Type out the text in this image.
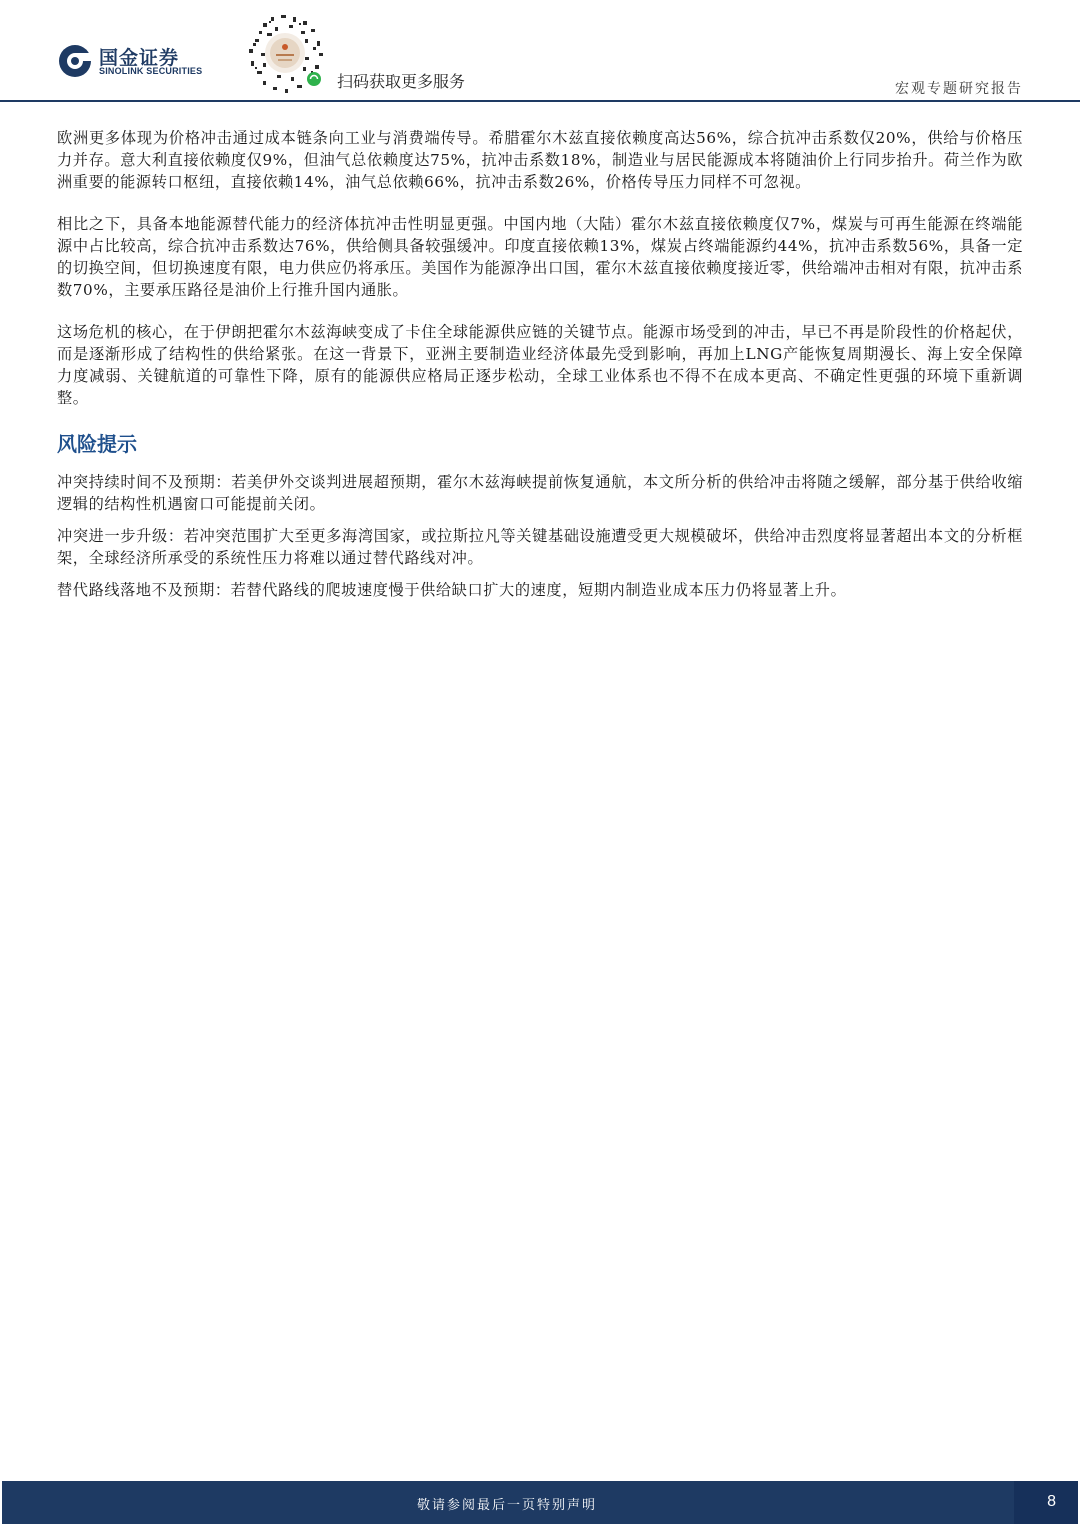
国金证券
SINOLINK SECURITIES
扫码获取更多服务	宏观专题研究报告

欧洲更多体现为价格冲击通过成本链条向工业与消费端传导。希腊霍尔木兹直接依赖度高达56%，综合抗冲击系数仅20%，供给与价格压力并存。意大利直接依赖度仅9%，但油气总依赖度达75%，抗冲击系数18%，制造业与居民能源成本将随油价上行同步抬升。荷兰作为欧洲重要的能源转口枢纽，直接依赖14%，油气总依赖66%，抗冲击系数26%，价格传导压力同样不可忽视。

相比之下，具备本地能源替代能力的经济体抗冲击性明显更强。中国内地（大陆）霍尔木兹直接依赖度仅7%，煤炭与可再生能源在终端能源中占比较高，综合抗冲击系数达76%，供给侧具备较强缓冲。印度直接依赖13%，煤炭占终端能源约44%，抗冲击系数56%，具备一定的切换空间，但切换速度有限，电力供应仍将承压。美国作为能源净出口国，霍尔木兹直接依赖度接近零，供给端冲击相对有限，抗冲击系数70%，主要承压路径是油价上行推升国内通胀。

这场危机的核心，在于伊朗把霍尔木兹海峡变成了卡住全球能源供应链的关键节点。能源市场受到的冲击，早已不再是阶段性的价格起伏，而是逐渐形成了结构性的供给紧张。在这一背景下，亚洲主要制造业经济体最先受到影响，再加上LNG产能恢复周期漫长、海上安全保障力度减弱、关键航道的可靠性下降，原有的能源供应格局正逐步松动，全球工业体系也不得不在成本更高、不确定性更强的环境下重新调整。

风险提示

冲突持续时间不及预期：若美伊外交谈判进展超预期，霍尔木兹海峡提前恢复通航，本文所分析的供给冲击将随之缓解，部分基于供给收缩逻辑的结构性机遇窗口可能提前关闭。

冲突进一步升级：若冲突范围扩大至更多海湾国家，或拉斯拉凡等关键基础设施遭受更大规模破坏，供给冲击烈度将显著超出本文的分析框架，全球经济所承受的系统性压力将难以通过替代路线对冲。

替代路线落地不及预期：若替代路线的爬坡速度慢于供给缺口扩大的速度，短期内制造业成本压力仍将显著上升。

敬请参阅最后一页特别声明	8
